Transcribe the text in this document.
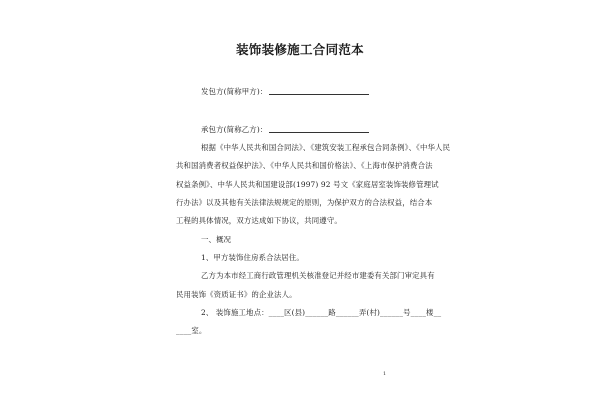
装饰装修施工合同范本
发包方(简称甲方)：
承包方(简称乙方)：
根据《中华人民共和国合同法》、《建筑安装工程承包合同条例》、《中华人民
共和国消费者权益保护法》、《中华人民共和国价格法》、《上海市保护消费合法
权益条例》、中华人民共和国建设部(1997) 92 号文《家庭居室装饰装修管理试
行办法》以及其他有关法律法规规定的原则，为保护双方的合法权益，结合本
工程的具体情况，双方达成如下协议，共同遵守。
一、概况
1、甲方装饰住房系合法居住。
乙方为本市经工商行政管理机关核准登记并经市建委有关部门审定具有
民用装饰《资质证书》的企业法人。
2、 装饰施工地点：____区(县)______路______弄(村)______号____楼__
____室。
1
